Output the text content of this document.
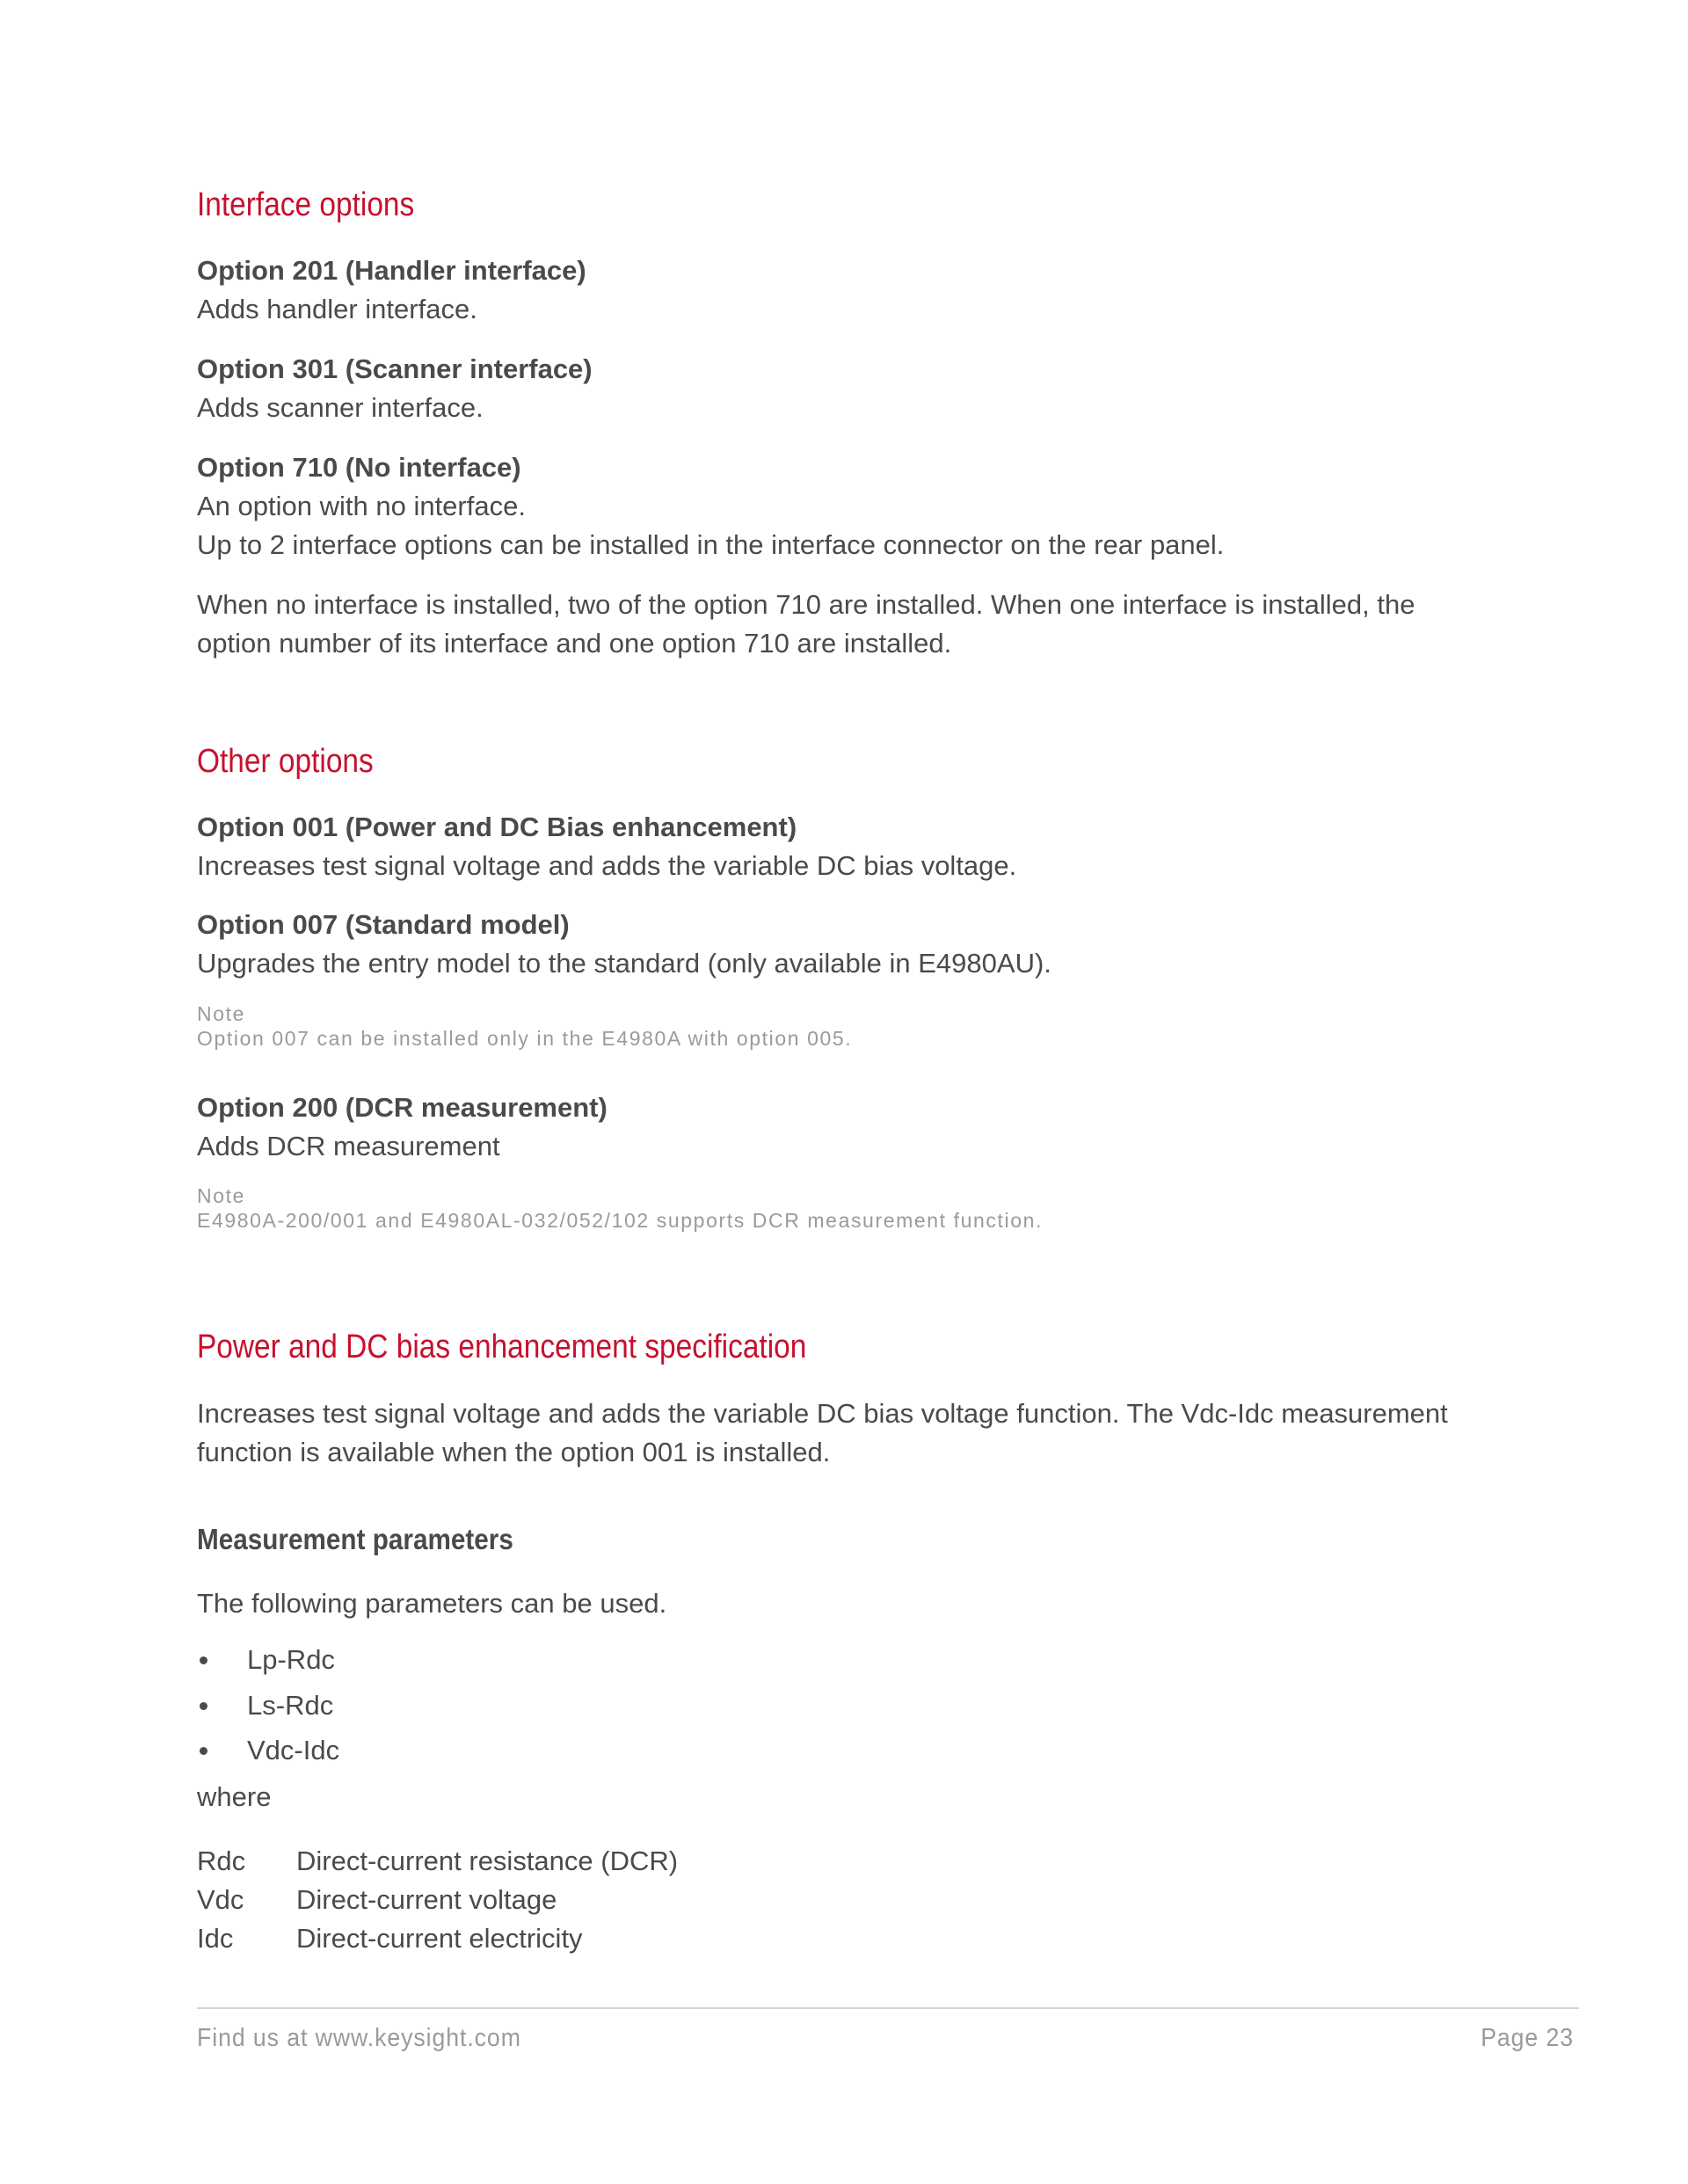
Interface options
Option 201 (Handler interface)
Adds handler interface.
Option 301 (Scanner interface)
Adds scanner interface.
Option 710 (No interface)
An option with no interface.
Up to 2 interface options can be installed in the interface connector on the rear panel.
When no interface is installed, two of the option 710 are installed. When one interface is installed, the
option number of its interface and one option 710 are installed.
Other options
Option 001 (Power and DC Bias enhancement)
Increases test signal voltage and adds the variable DC bias voltage.
Option 007 (Standard model)
Upgrades the entry model to the standard (only available in E4980AU).
Note
Option 007 can be installed only in the E4980A with option 005.
Option 200 (DCR measurement)
Adds DCR measurement
Note
E4980A-200/001 and E4980AL-032/052/102 supports DCR measurement function.
Power and DC bias enhancement specification
Increases test signal voltage and adds the variable DC bias voltage function. The Vdc-Idc measurement
function is available when the option 001 is installed.
Measurement parameters
The following parameters can be used.
Lp-Rdc
Ls-Rdc
Vdc-Idc
where
Rdc Direct-current resistance (DCR)
Vdc Direct-current voltage
Idc Direct-current electricity
Find us at www.keysight.com	Page 23
